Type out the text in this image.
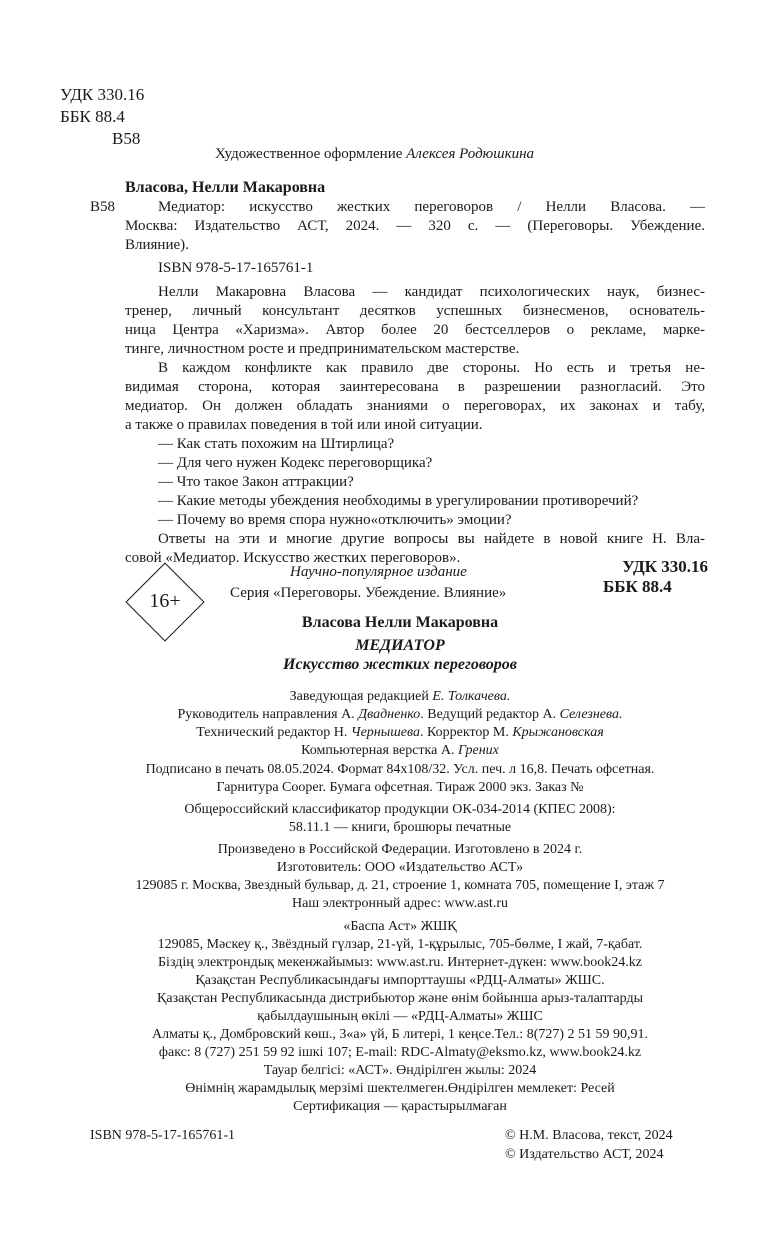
УДК 330.16
ББК 88.4
В58
Художественное оформление Алексея Родюшкина
Власова, Нелли Макаровна
В58	Медиатор: искусство жестких переговоров / Нелли Власова. —
Москва: Издательство АСТ, 2024. — 320 с. — (Переговоры. Убеждение.
Влияние).
ISBN 978-5-17-165761-1
Нелли Макаровна Власова — кандидат психологических наук, бизнес-
тренер, личный консультант десятков успешных бизнесменов, основатель-
ница Центра «Харизма». Автор более 20 бестселлеров о рекламе, марке-
тинге, личностном росте и предпринимательском мастерстве.
В каждом конфликте как правило две стороны. Но есть и третья не-
видимая сторона, которая заинтересована в разрешении разногласий. Это
медиатор. Он должен обладать знаниями о переговорах, их законах и табу,
а также о правилах поведения в той или иной ситуации.
— Как стать похожим на Штирлица?
— Для чего нужен Кодекс переговорщика?
— Что такое Закон аттракции?
— Какие методы убеждения необходимы в урегулировании противоречий?
— Почему во время спора нужно«отключить» эмоции?
Ответы на эти и многие другие вопросы вы найдете в новой книге Н. Вла-
совой «Медиатор. Искусство жестких переговоров».	УДК 330.16
ББК 88.4
Научно-популярное издание
16+	Серия «Переговоры. Убеждение. Влияние»
Власова Нелли Макаровна
МЕДИАТОР
Искусство жестких переговоров
Заведующая редакцией Е. Толкачева.
Руководитель направления А. Двадненко. Ведущий редактор А. Селезнева.
Технический редактор Н. Чернышева. Корректор М. Крыжановская
Компьютерная верстка А. Грених
Подписано в печать 08.05.2024. Формат 84x108/32. Усл. печ. л 16,8. Печать офсетная.
Гарнитура Cooper. Бумага офсетная. Тираж 2000 экз. Заказ №
Общероссийский классификатор продукции ОК-034-2014 (КПЕС 2008):
58.11.1 — книги, брошюры печатные
Произведено в Российской Федерации. Изготовлено в 2024 г.
Изготовитель: ООО «Издательство АСТ»
129085 г. Москва, Звездный бульвар, д. 21, строение 1, комната 705, помещение I, этаж 7
Наш электронный адрес: www.ast.ru
«Баспа Аст» ЖШҚ
129085, Мәскеу қ., Звёздный гүлзар, 21-үй, 1-құрылыс, 705-бөлме, I жай, 7-қабат.
Біздің электрондық мекенжайымыз: www.ast.ru. Интернет-дүкен: www.book24.kz
Қазақстан Республикасындағы импорттаушы «РДЦ-Алматы» ЖШС.
Қазақстан Республикасында дистрибьютор және өнім бойынша арыз-талаптарды
қабылдаушының өкілі — «РДЦ-Алматы» ЖШС
Алматы қ., Домбровский көш., 3«а» үй, Б литері, 1 кеңсе.Тел.: 8(727) 2 51 59 90,91.
факс: 8 (727) 251 59 92 ішкі 107; E-mail: RDC-Almaty@eksmo.kz, www.book24.kz
Тауар белгісі: «АСТ». Өндірілген жылы: 2024
Өнімнің жарамдылық мерзімі шектелмеген.Өндірілген мемлекет: Ресей
Сертификация — қарастырылмаған
ISBN 978-5-17-165761-1	© Н.М. Власова, текст, 2024
© Издательство АСТ, 2024
